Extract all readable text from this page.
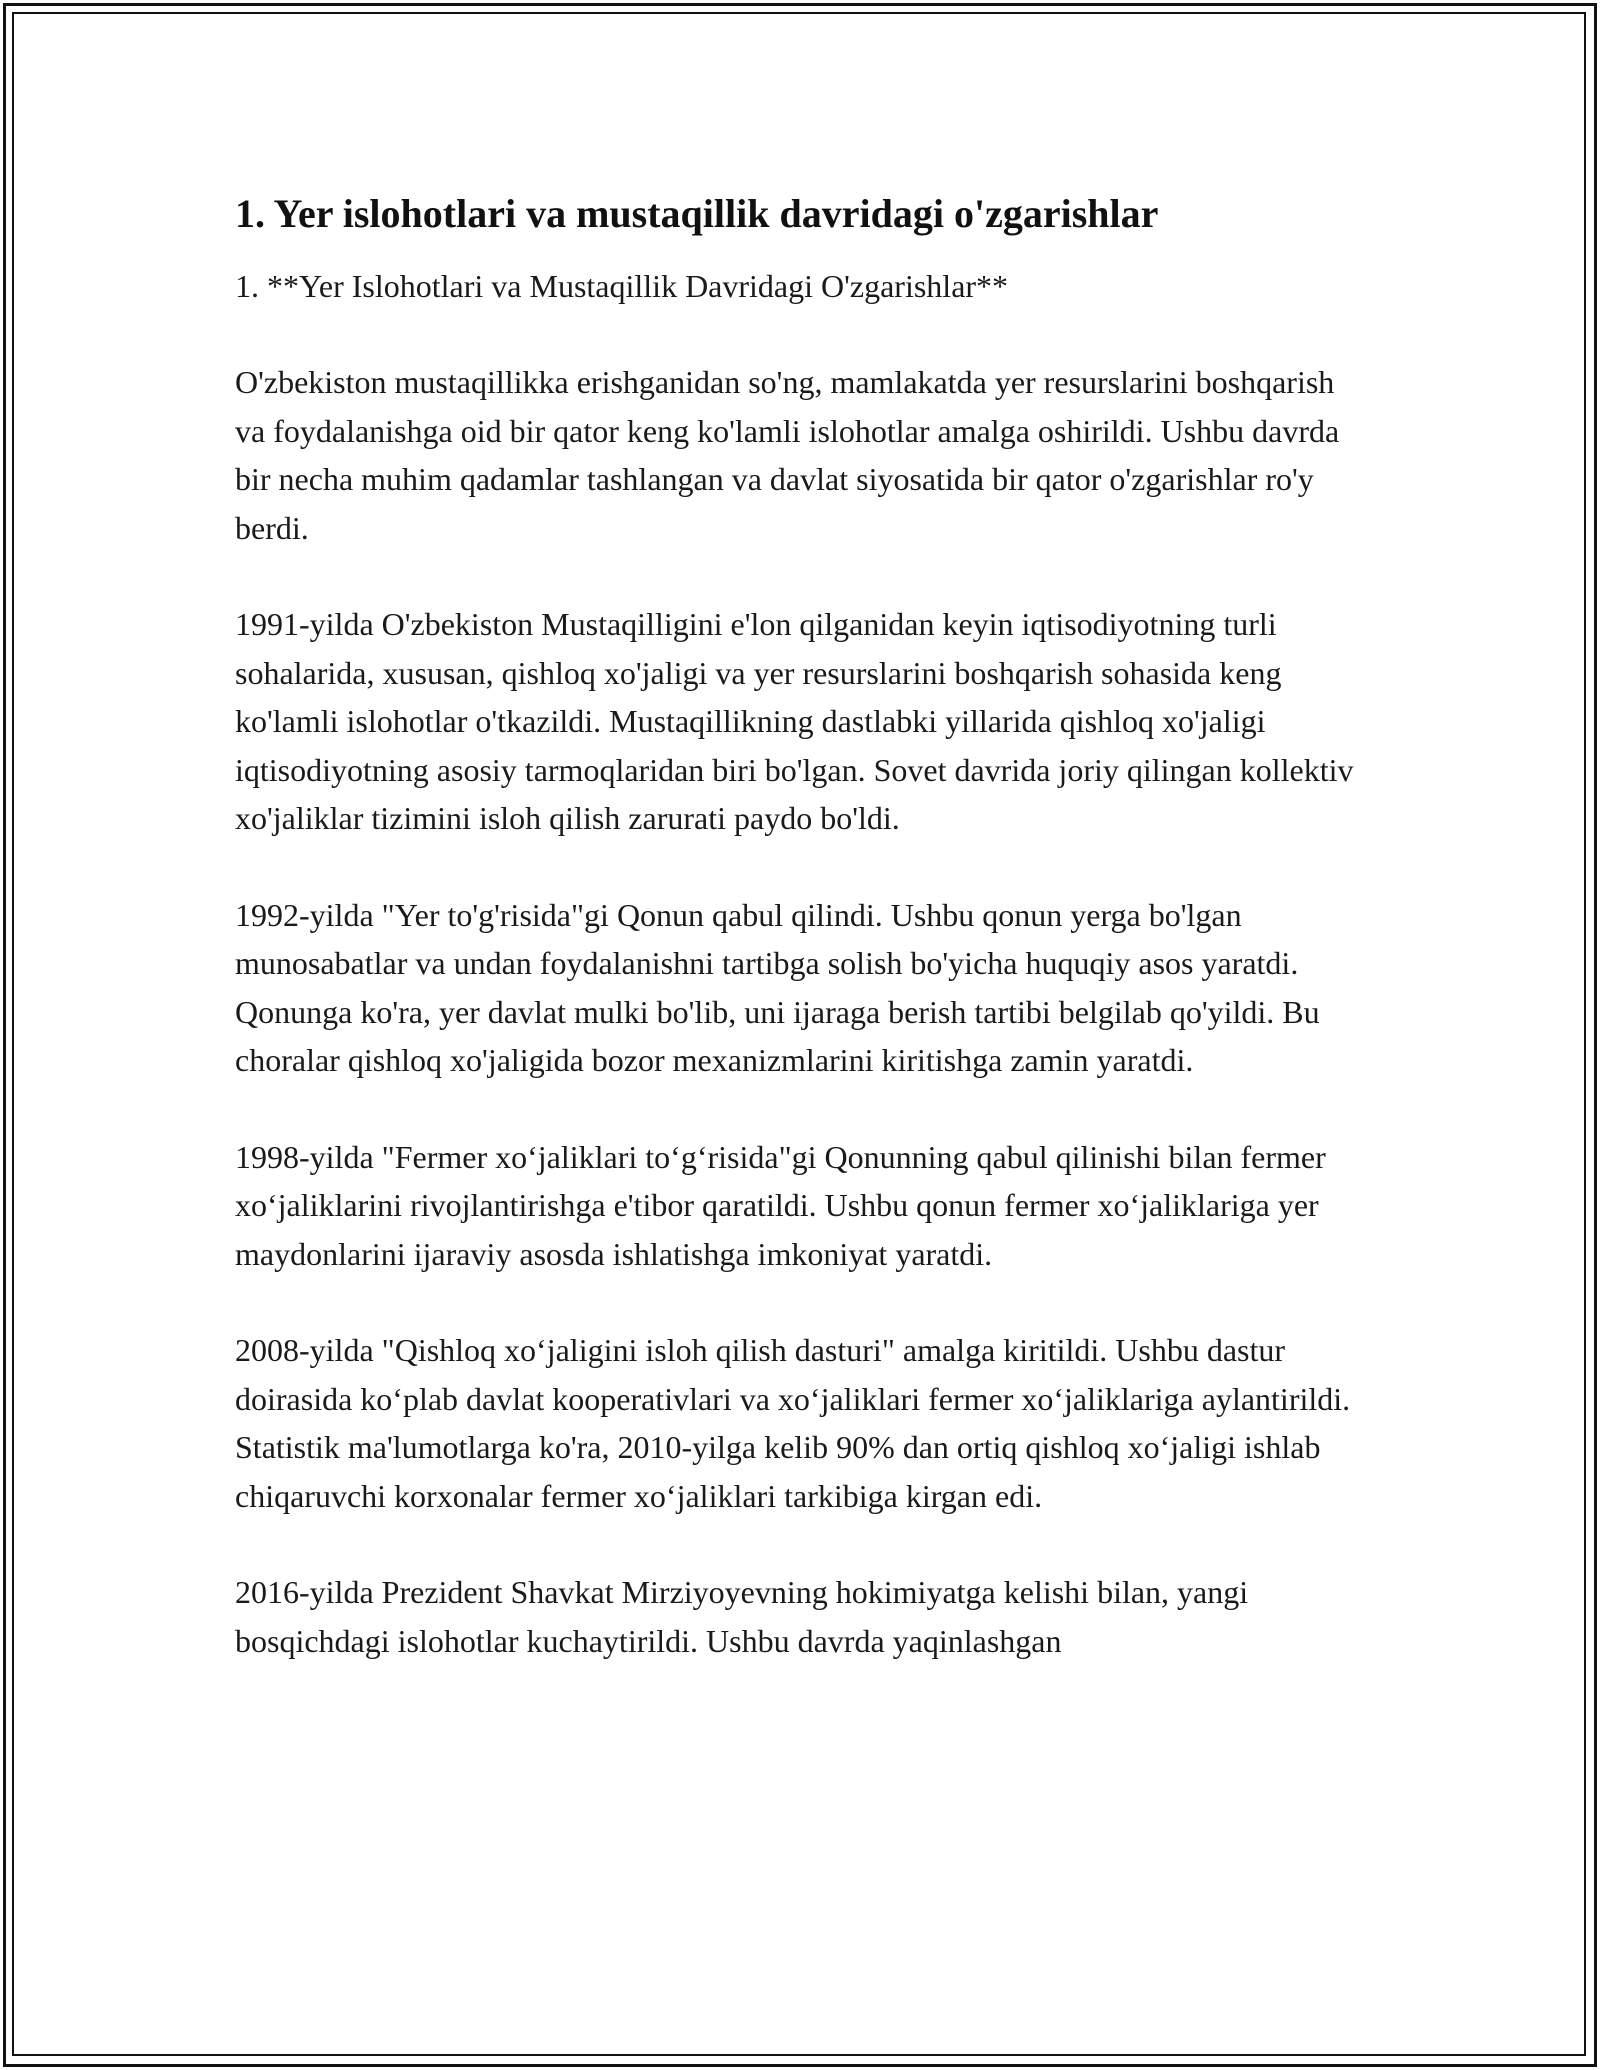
1. Yer islohotlari va mustaqillik davridagi o'zgarishlar

1. **Yer Islohotlari va Mustaqillik Davridagi O'zgarishlar**

O'zbekiston mustaqillikka erishganidan so'ng, mamlakatda yer resurslarini boshqarish va foydalanishga oid bir qator keng ko'lamli islohotlar amalga oshirildi. Ushbu davrda bir necha muhim qadamlar tashlangan va davlat siyosatida bir qator o'zgarishlar ro'y berdi.

1991-yilda O'zbekiston Mustaqilligini e'lon qilganidan keyin iqtisodiyotning turli sohalarida, xususan, qishloq xo'jaligi va yer resurslarini boshqarish sohasida keng ko'lamli islohotlar o'tkazildi. Mustaqillikning dastlabki yillarida qishloq xo'jaligi iqtisodiyotning asosiy tarmoqlaridan biri bo'lgan. Sovet davrida joriy qilingan kollektiv xo'jaliklar tizimini isloh qilish zarurati paydo bo'ldi.

1992-yilda "Yer to'g'risida"gi Qonun qabul qilindi. Ushbu qonun yerga bo'lgan munosabatlar va undan foydalanishni tartibga solish bo'yicha huquqiy asos yaratdi. Qonunga ko'ra, yer davlat mulki bo'lib, uni ijaraga berish tartibi belgilab qo'yildi. Bu choralar qishloq xo'jaligida bozor mexanizmlarini kiritishga zamin yaratdi.

1998-yilda "Fermer xo‘jaliklari to‘g‘risida"gi Qonunning qabul qilinishi bilan fermer xo‘jaliklarini rivojlantirishga e'tibor qaratildi. Ushbu qonun fermer xo‘jaliklariga yer maydonlarini ijaraviy asosda ishlatishga imkoniyat yaratdi.

2008-yilda "Qishloq xo‘jaligini isloh qilish dasturi" amalga kiritildi. Ushbu dastur doirasida ko‘plab davlat kooperativlari va xo‘jaliklari fermer xo‘jaliklariga aylantirildi. Statistik ma'lumotlarga ko'ra, 2010-yilga kelib 90% dan ortiq qishloq xo‘jaligi ishlab chiqaruvchi korxonalar fermer xo‘jaliklari tarkibiga kirgan edi.

2016-yilda Prezident Shavkat Mirziyoyevning hokimiyatga kelishi bilan, yangi bosqichdagi islohotlar kuchaytirildi. Ushbu davrda yaqinlashgan
